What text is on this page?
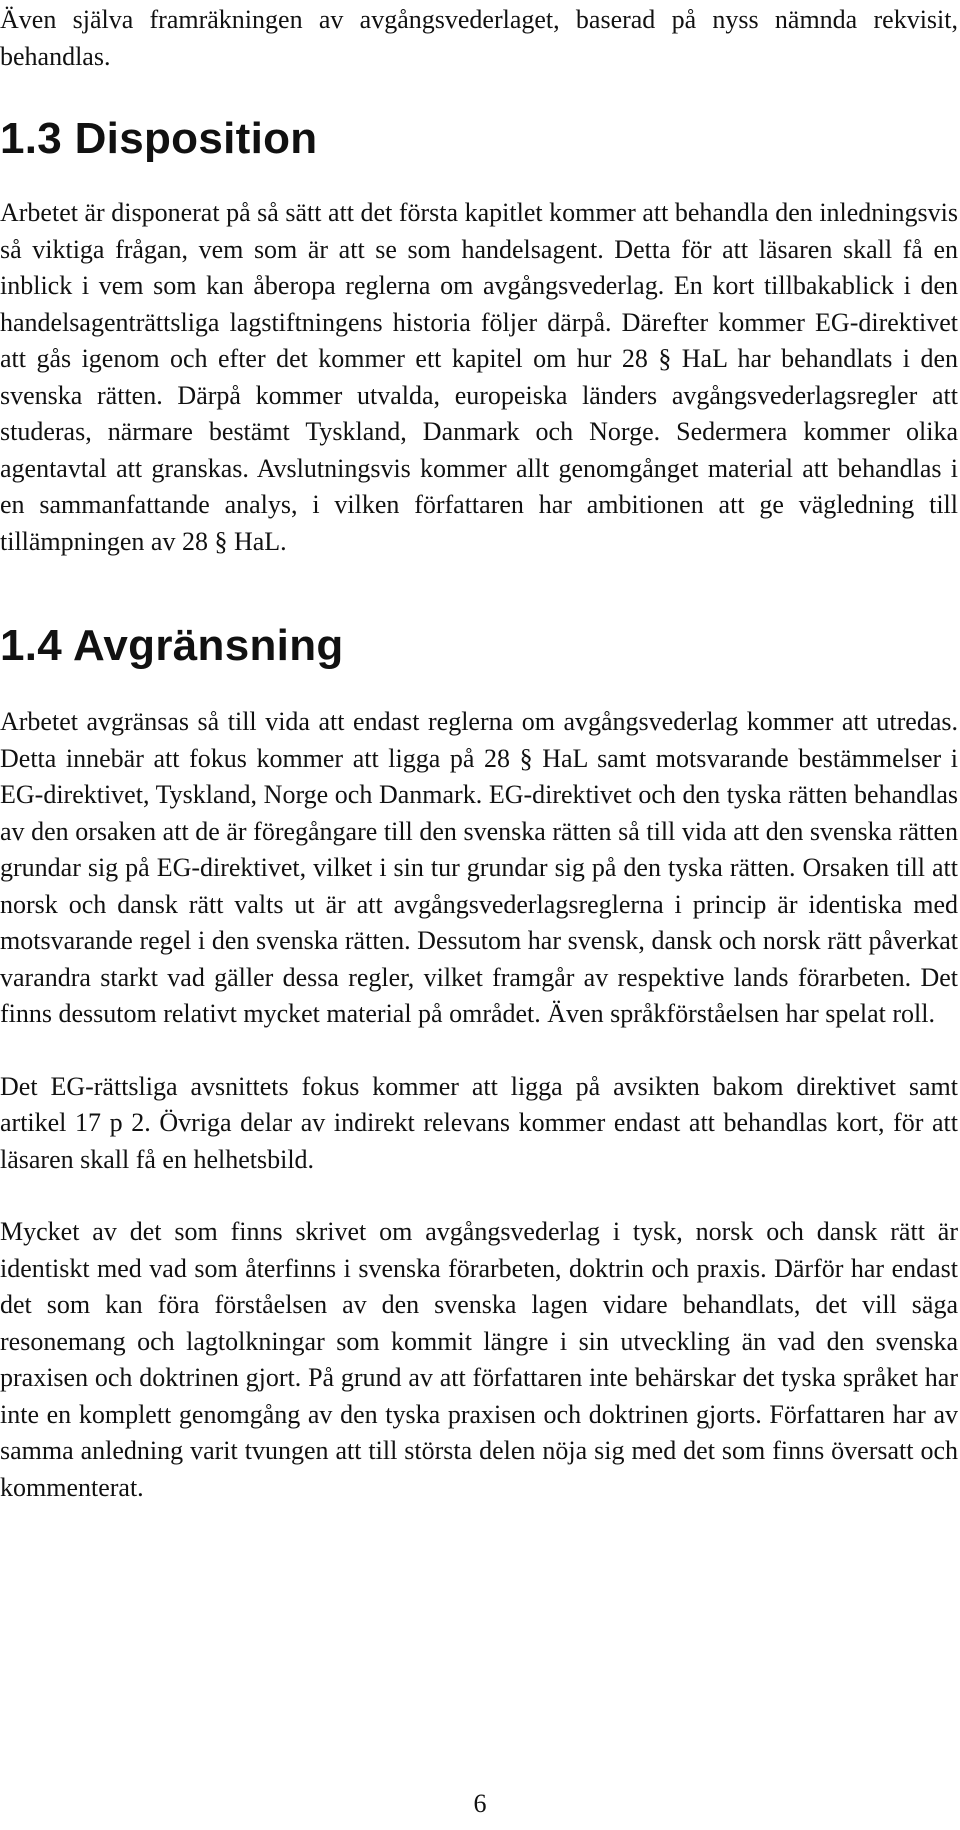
Även själva framräkningen av avgångsvederlaget, baserad på nyss nämnda rekvisit, behandlas.

1.3 Disposition

Arbetet är disponerat på så sätt att det första kapitlet kommer att behandla den inledningsvis så viktiga frågan, vem som är att se som handelsagent. Detta för att läsaren skall få en inblick i vem som kan åberopa reglerna om avgångsvederlag. En kort tillbakablick i den handelsagenträttsliga lagstiftningens historia följer därpå. Därefter kommer EG-direktivet att gås igenom och efter det kommer ett kapitel om hur 28 § HaL har behandlats i den svenska rätten. Därpå kommer utvalda, europeiska länders avgångsvederlagsregler att studeras, närmare bestämt Tyskland, Danmark och Norge. Sedermera kommer olika agentavtal att granskas. Avslutningsvis kommer allt genomgånget material att behandlas i en sammanfattande analys, i vilken författaren har ambitionen att ge vägledning till tillämpningen av 28 § HaL.

1.4 Avgränsning

Arbetet avgränsas så till vida att endast reglerna om avgångsvederlag kommer att utredas. Detta innebär att fokus kommer att ligga på 28 § HaL samt motsvarande bestämmelser i EG-direktivet, Tyskland, Norge och Danmark. EG-direktivet och den tyska rätten behandlas av den orsaken att de är föregångare till den svenska rätten så till vida att den svenska rätten grundar sig på EG-direktivet, vilket i sin tur grundar sig på den tyska rätten. Orsaken till att norsk och dansk rätt valts ut är att avgångsvederlagsreglerna i princip är identiska med motsvarande regel i den svenska rätten. Dessutom har svensk, dansk och norsk rätt påverkat varandra starkt vad gäller dessa regler, vilket framgår av respektive lands förarbeten. Det finns dessutom relativt mycket material på området. Även språkförståelsen har spelat roll.

Det EG-rättsliga avsnittets fokus kommer att ligga på avsikten bakom direktivet samt artikel 17 p 2. Övriga delar av indirekt relevans kommer endast att behandlas kort, för att läsaren skall få en helhetsbild.

Mycket av det som finns skrivet om avgångsvederlag i tysk, norsk och dansk rätt är identiskt med vad som återfinns i svenska förarbeten, doktrin och praxis. Därför har endast det som kan föra förståelsen av den svenska lagen vidare behandlats, det vill säga resonemang och lagtolkningar som kommit längre i sin utveckling än vad den svenska praxisen och doktrinen gjort. På grund av att författaren inte behärskar det tyska språket har inte en komplett genomgång av den tyska praxisen och doktrinen gjorts. Författaren har av samma anledning varit tvungen att till största delen nöja sig med det som finns översatt och kommenterat.

6
